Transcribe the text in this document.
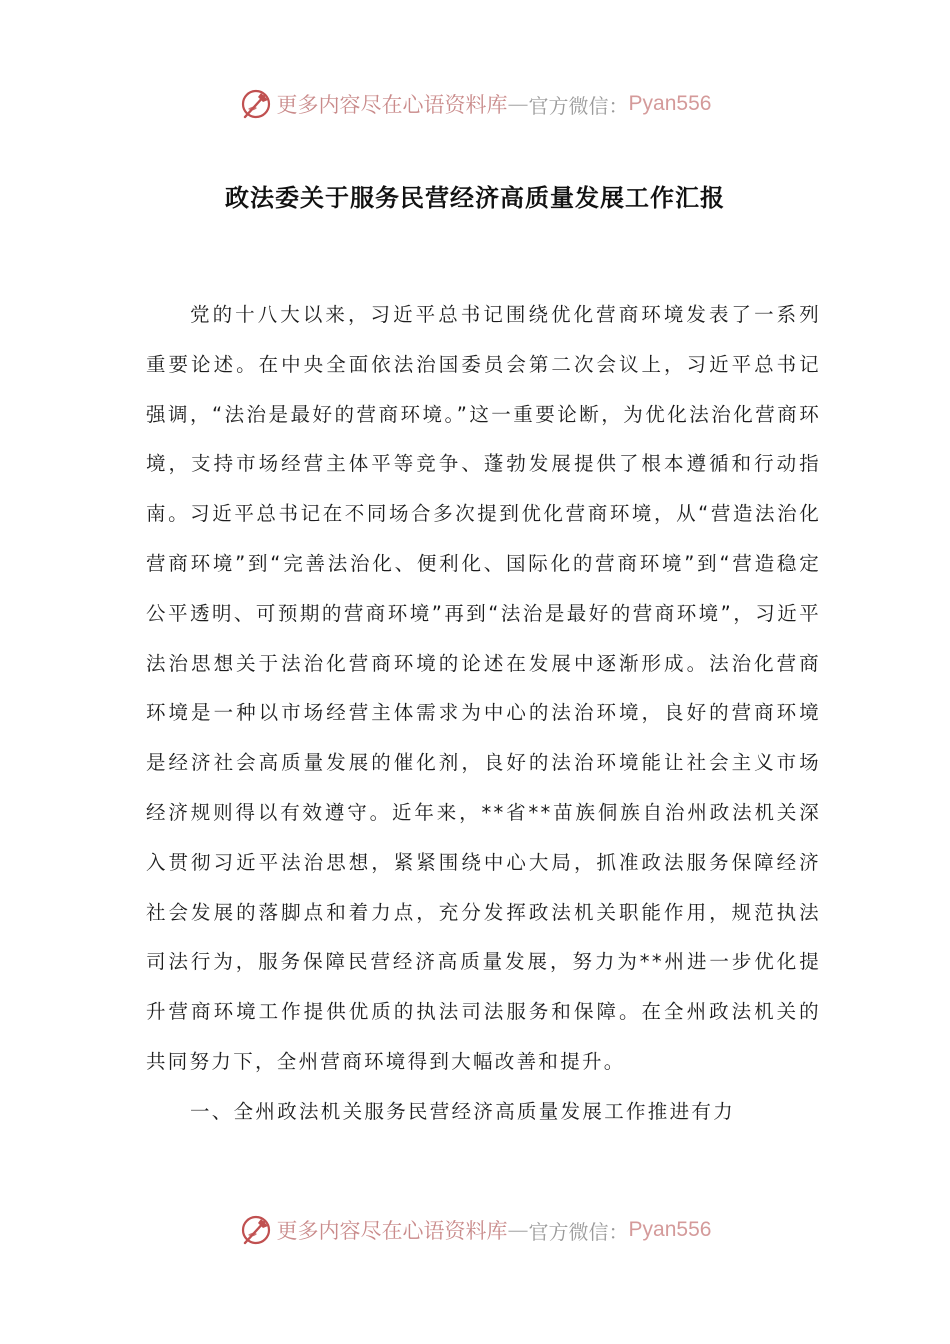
更多内容尽在心语资料库 — 官方微信： Pyan556
政法委关于服务民营经济高质量发展工作汇报

党的十八大以来，习近平总书记围绕优化营商环境发表了一系列重要论述。在中央全面依法治国委员会第二次会议上，习近平总书记强调，“法治是最好的营商环境。”这一重要论断，为优化法治化营商环境，支持市场经营主体平等竞争、蓬勃发展提供了根本遵循和行动指南。习近平总书记在不同场合多次提到优化营商环境，从“营造法治化营商环境”到“完善法治化、便利化、国际化的营商环境”到“营造稳定公平透明、可预期的营商环境”再到“法治是最好的营商环境”，习近平法治思想关于法治化营商环境的论述在发展中逐渐形成。法治化营商环境是一种以市场经营主体需求为中心的法治环境，良好的营商环境是经济社会高质量发展的催化剂，良好的法治环境能让社会主义市场经济规则得以有效遵守。近年来，**省**苗族侗族自治州政法机关深入贯彻习近平法治思想，紧紧围绕中心大局，抓准政法服务保障经济社会发展的落脚点和着力点，充分发挥政法机关职能作用，规范执法司法行为，服务保障民营经济高质量发展，努力为**州进一步优化提升营商环境工作提供优质的执法司法服务和保障。在全州政法机关的共同努力下，全州营商环境得到大幅改善和提升。

一、全州政法机关服务民营经济高质量发展工作推进有力

更多内容尽在心语资料库 — 官方微信： Pyan556
